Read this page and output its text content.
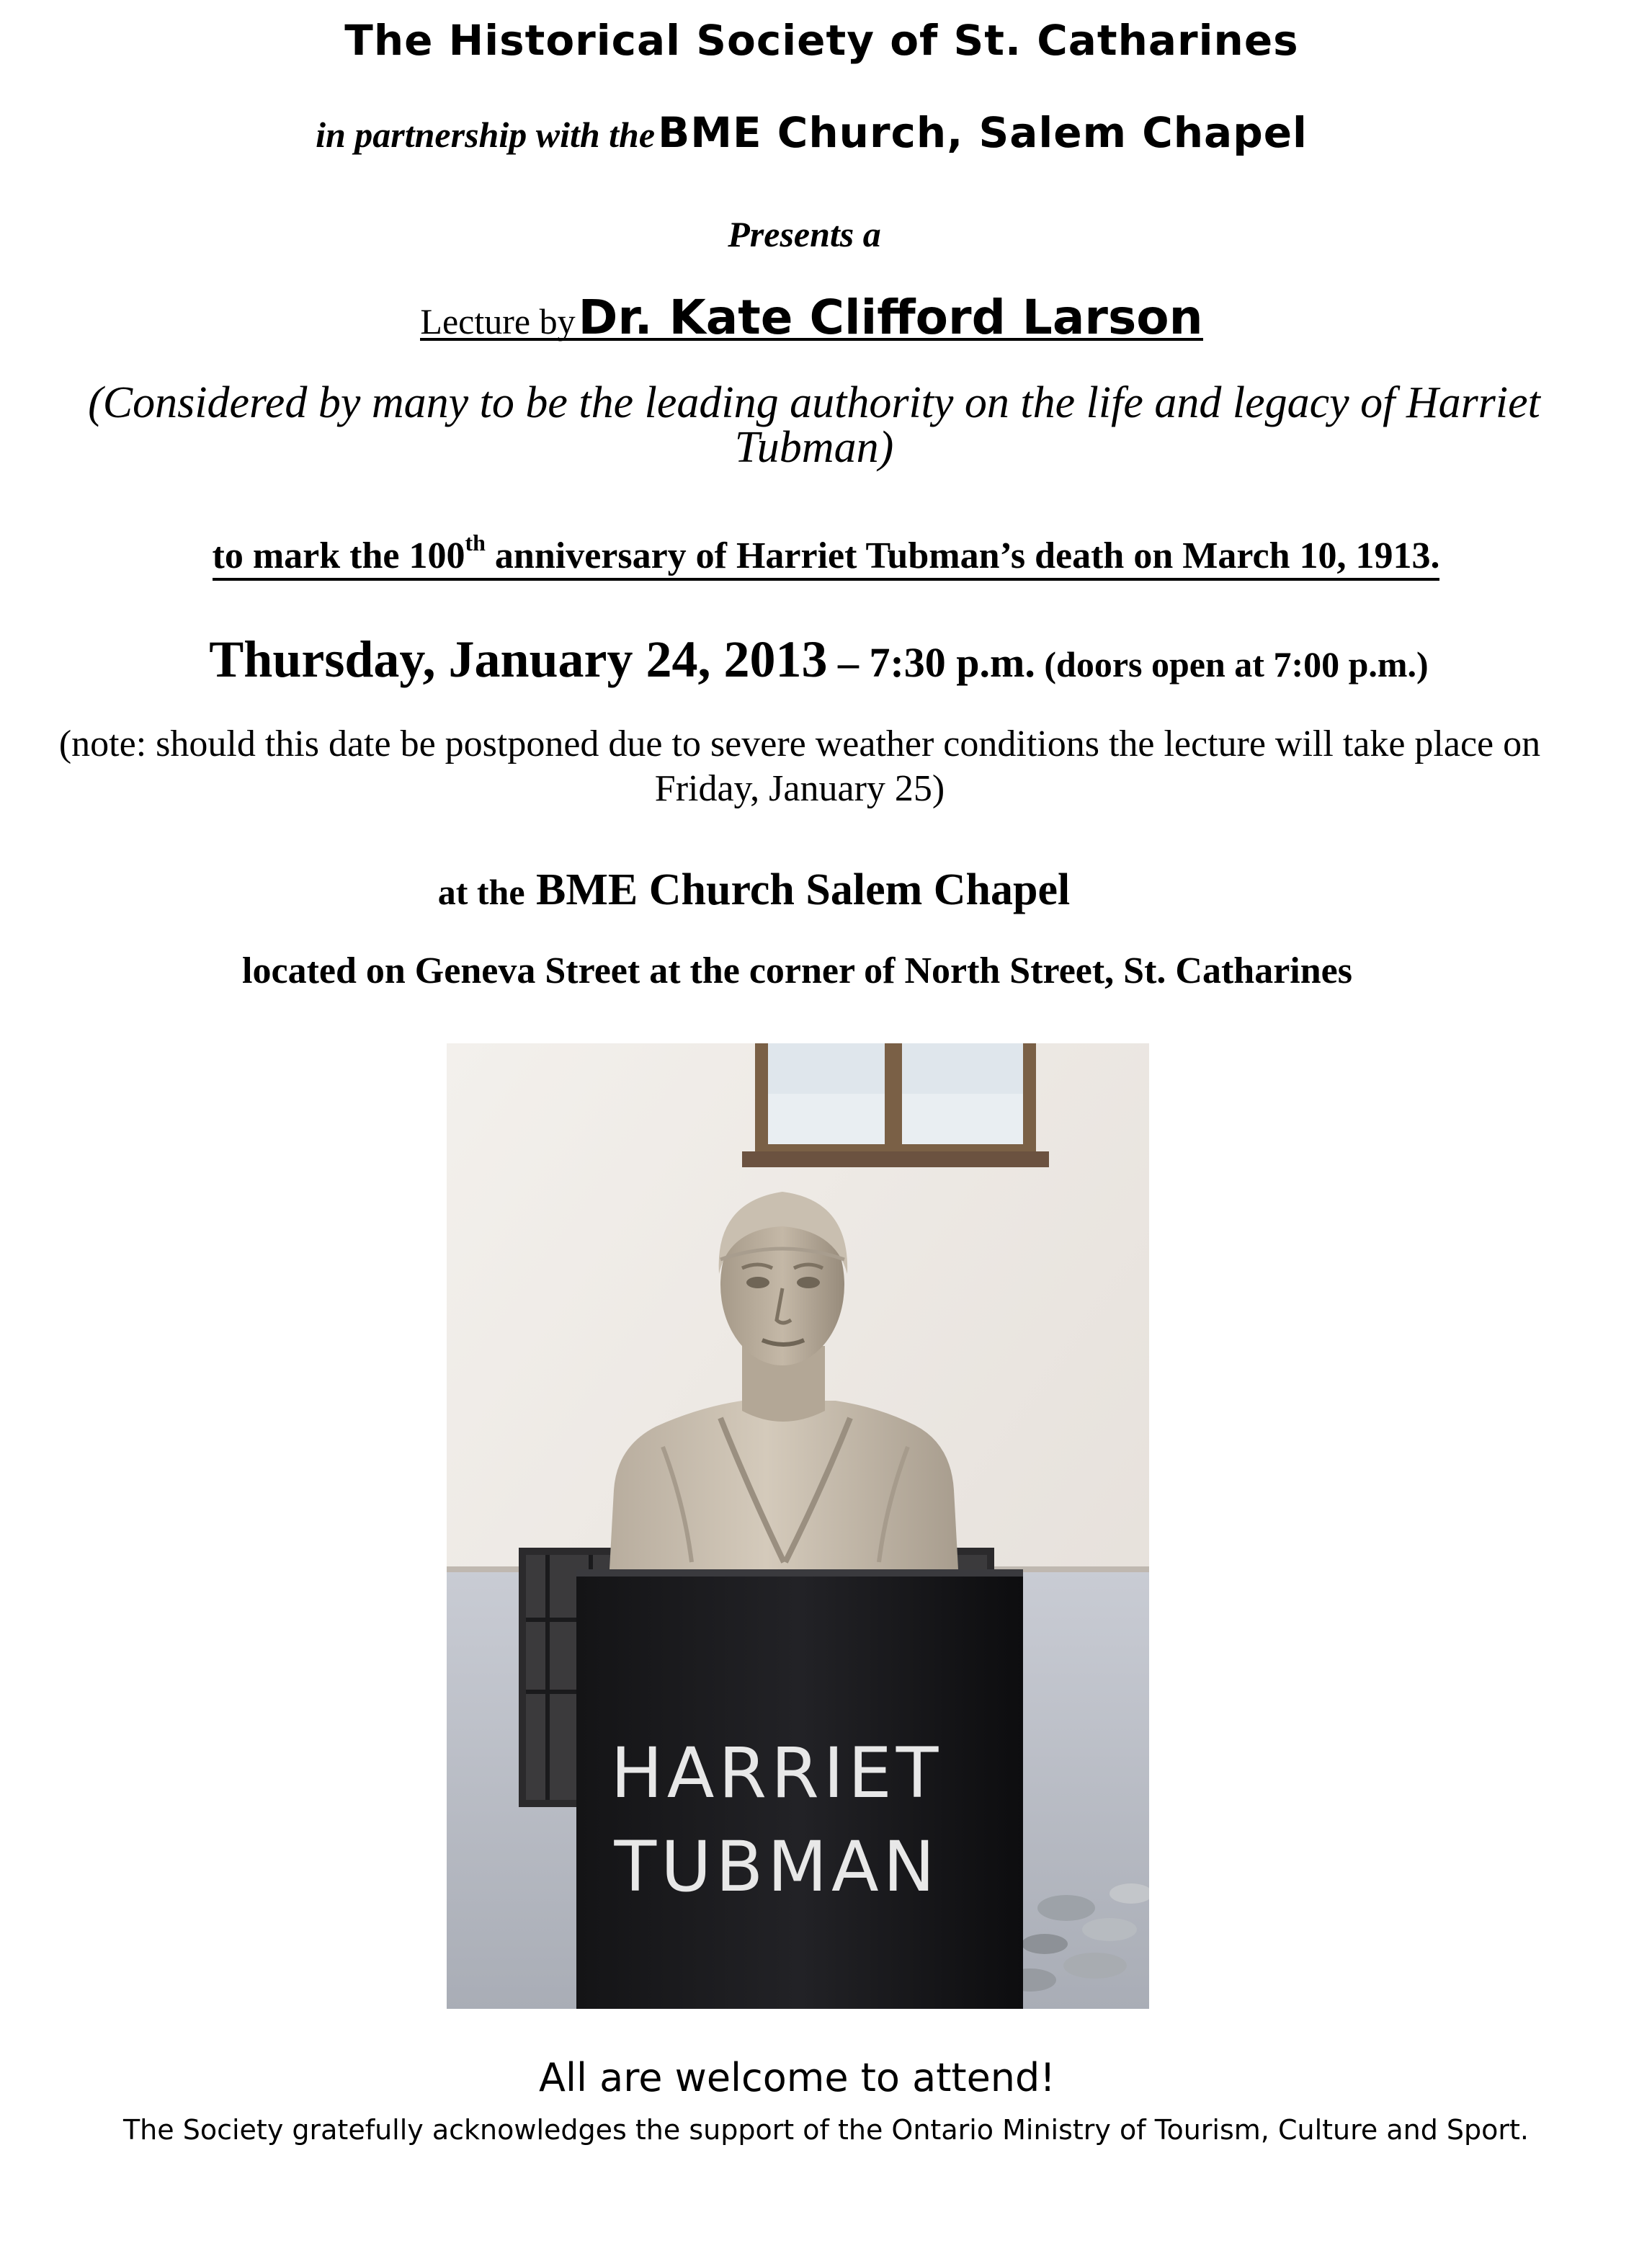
The Historical Society of St. Catharines
in partnership with the BME Church, Salem Chapel
Presents a
Lecture by Dr. Kate Clifford Larson
(Considered by many to be the leading authority on the life and legacy of Harriet Tubman)
to mark the 100th anniversary of Harriet Tubman’s death on March 10, 1913.
Thursday, January 24, 2013 – 7:30 p.m. (doors open at 7:00 p.m.)
(note: should this date be postponed due to severe weather conditions the lecture will take place on Friday, January 25)
at the BME Church Salem Chapel
located on Geneva Street at the corner of North Street, St. Catharines
HARRIET
TUBMAN
All are welcome to attend!
The Society gratefully acknowledges the support of the Ontario Ministry of Tourism, Culture and Sport.
